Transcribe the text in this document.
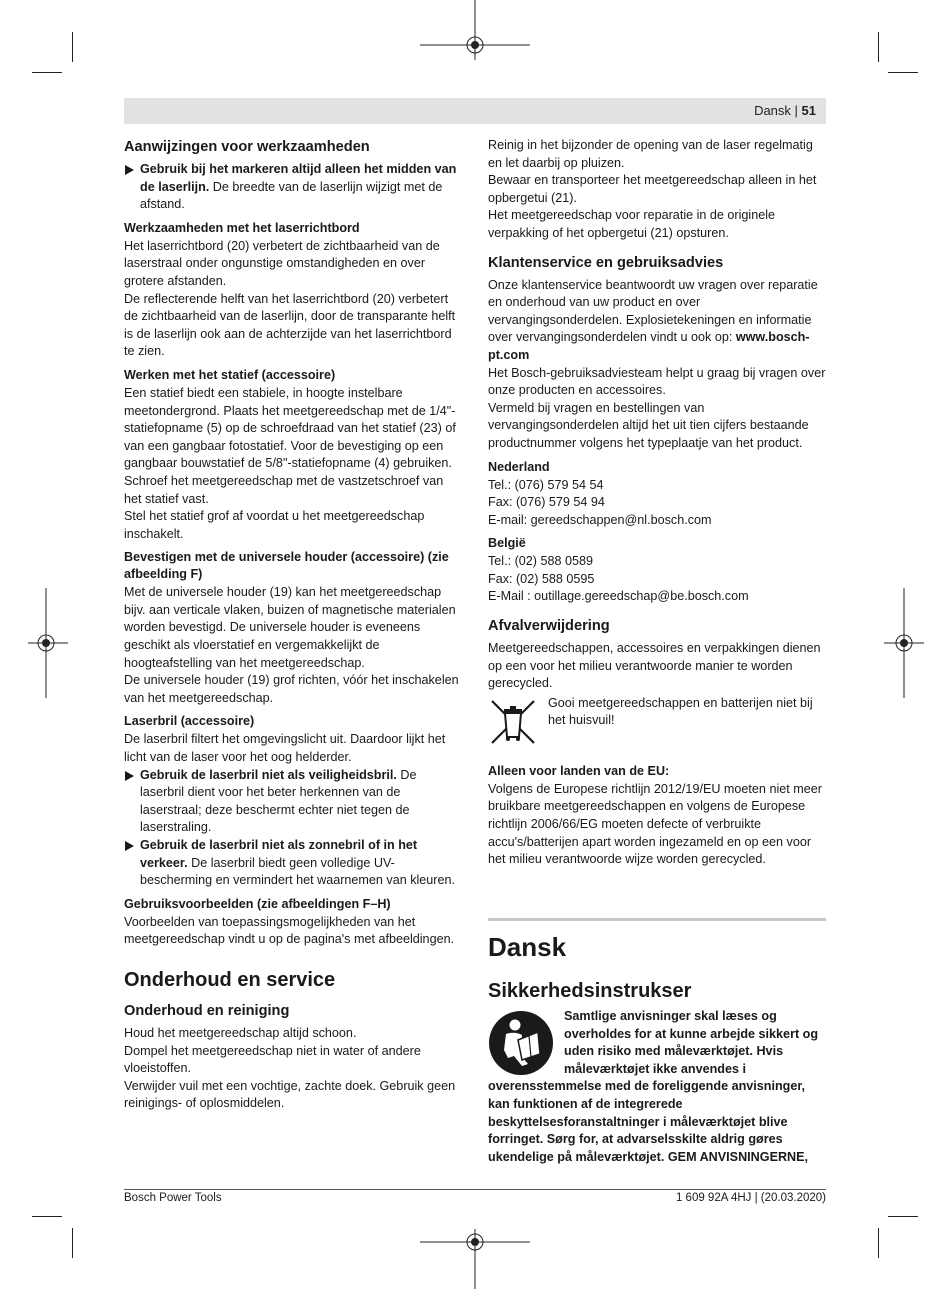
Dansk | 51
Aanwijzingen voor werkzaamheden
Gebruik bij het markeren altijd alleen het midden van de laserlijn. De breedte van de laserlijn wijzigt met de afstand.
Werkzaamheden met het laserrichtbord

Het laserrichtbord (20) verbetert de zichtbaarheid van de laserstraal onder ongunstige omstandigheden en over grotere afstanden.

De reflecterende helft van het laserrichtbord (20) verbetert de zichtbaarheid van de laserlijn, door de transparante helft is de laserlijn ook aan de achterzijde van het laserrichtbord te zien.

Werken met het statief (accessoire)

Een statief biedt een stabiele, in hoogte instelbare meetondergrond. Plaats het meetgereedschap met de 1/4"-statiefopname (5) op de schroefdraad van het statief (23) of van een gangbaar fotostatief. Voor de bevestiging op een gangbaar bouwstatief de 5/8"-statiefopname (4) gebruiken. Schroef het meetgereedschap met de vastzetschroef van het statief vast.

Stel het statief grof af voordat u het meetgereedschap inschakelt.

Bevestigen met de universele houder (accessoire) (zie afbeelding F)

Met de universele houder (19) kan het meetgereedschap bijv. aan verticale vlaken, buizen of magnetische materialen worden bevestigd. De universele houder is eveneens geschikt als vloerstatief en vergemakkelijkt de hoogteafstelling van het meetgereedschap.

De universele houder (19) grof richten, vóór het inschakelen van het meetgereedschap.

Laserbril (accessoire)

De laserbril filtert het omgevingslicht uit. Daardoor lijkt het licht van de laser voor het oog helderder.

Gebruik de laserbril niet als veiligheidsbril. De laserbril dient voor het beter herkennen van de laserstraal; deze beschermt echter niet tegen de laserstraling.
Gebruik de laserbril niet als zonnebril of in het verkeer. De laserbril biedt geen volledige UV-bescherming en vermindert het waarnemen van kleuren.
Gebruiksvoorbeelden (zie afbeeldingen F–H)

Voorbeelden van toepassingsmogelijkheden van het meetgereedschap vindt u op de pagina's met afbeeldingen.

Onderhoud en service
Onderhoud en reiniging

Houd het meetgereedschap altijd schoon.

Dompel het meetgereedschap niet in water of andere vloeistoffen.

Verwijder vuil met een vochtige, zachte doek. Gebruik geen reinigings- of oplosmiddelen.

Reinig in het bijzonder de opening van de laser regelmatig en let daarbij op pluizen.

Bewaar en transporteer het meetgereedschap alleen in het opbergetui (21).

Het meetgereedschap voor reparatie in de originele verpakking of het opbergetui (21) opsturen.

Klantenservice en gebruiksadvies

Onze klantenservice beantwoordt uw vragen over reparatie en onderhoud van uw product en over vervangingsonderdelen. Explosietekeningen en informatie over vervangingsonderdelen vindt u ook op: www.bosch-pt.com

Het Bosch-gebruiksadviesteam helpt u graag bij vragen over onze producten en accessoires.

Vermeld bij vragen en bestellingen van vervangingsonderdelen altijd het uit tien cijfers bestaande productnummer volgens het typeplaatje van het product.

Nederland

Tel.: (076) 579 54 54

Fax: (076) 579 54 94

E-mail: gereedschappen@nl.bosch.com

België

Tel.: (02) 588 0589

Fax: (02) 588 0595

E-Mail : outillage.gereedschap@be.bosch.com

Afvalverwijdering

Meetgereedschappen, accessoires en verpakkingen dienen op een voor het milieu verantwoorde manier te worden gerecycled.

Gooi meetgereedschappen en batterijen niet bij het huisvuil!

Alleen voor landen van de EU:

Volgens de Europese richtlijn 2012/19/EU moeten niet meer bruikbare meetgereedschappen en volgens de Europese richtlijn 2006/66/EG moeten defecte of verbruikte accu's/batterijen apart worden ingezameld en op een voor het milieu verantwoorde wijze worden gerecycled.

Dansk
Sikkerhedsinstrukser
Samtlige anvisninger skal læses og overholdes for at kunne arbejde sikkert og uden risiko med måleværktøjet. Hvis måleværktøjet ikke anvendes i overensstemmelse med de foreliggende anvisninger, kan funktionen af de integrerede beskyttelsesforanstaltninger i måleværktøjet blive forringet. Sørg for, at advarselsskilte aldrig gøres ukendelige på måleværktøjet. GEM ANVISNINGERNE,
Bosch Power Tools	1 609 92A 4HJ | (20.03.2020)
